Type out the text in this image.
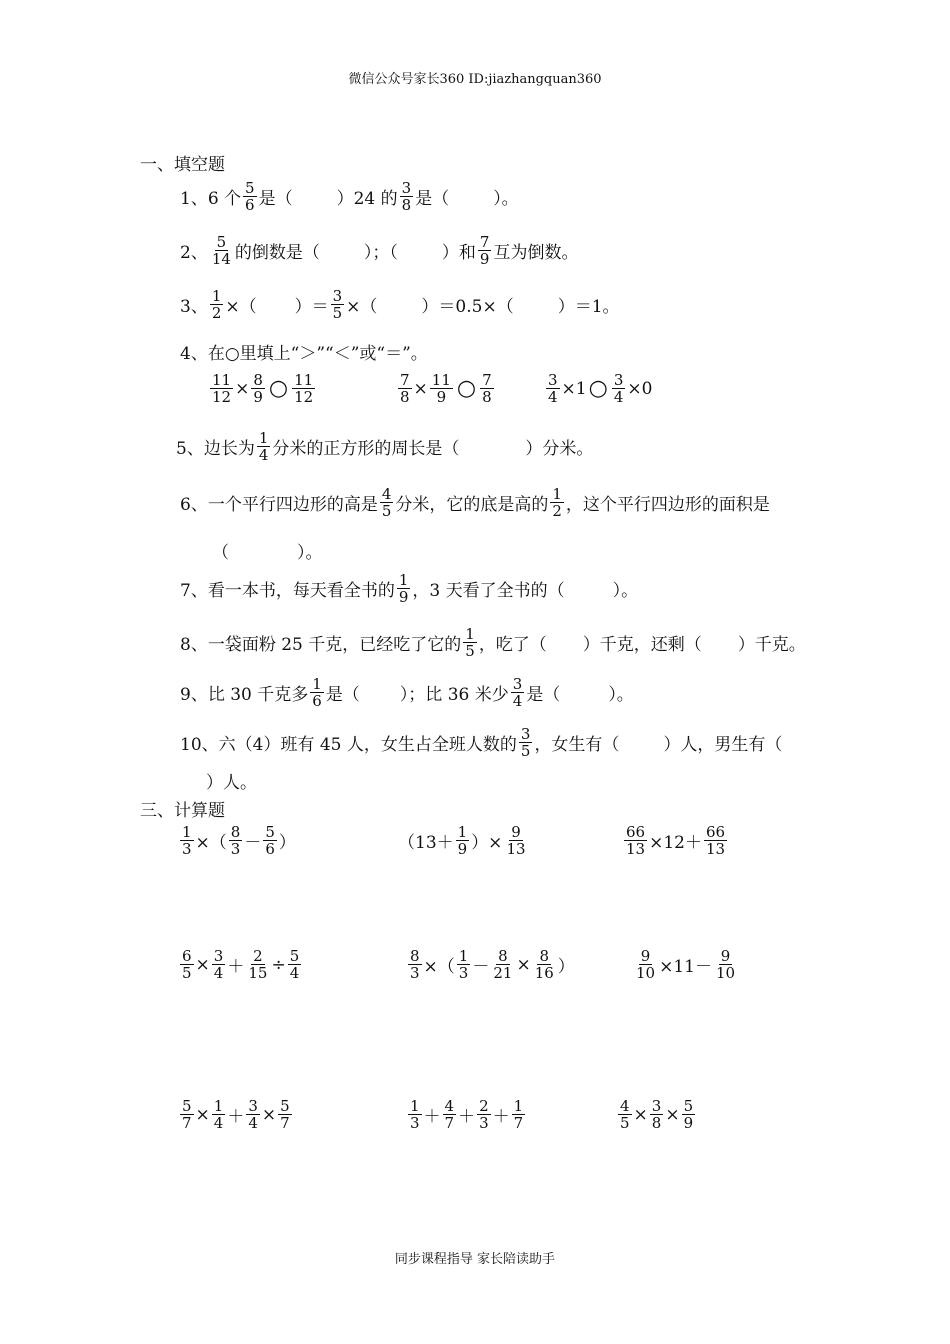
微信公众号家长360 ID:jiazhangquan360
一、填空题
1、6 个 $\frac{5}{6}$ 是（	）24 的 $\frac{3}{8}$ 是（	）。
2、 $\frac{5}{14}$ 的倒数是（	）；（	）和 $\frac{7}{9}$ 互为倒数。
3、 $\frac{1}{2}$ ×（ ）＝ $\frac{3}{5}$ ×（	）＝0.5×（	）＝1。
4、在○里填上“＞”“＜”或“＝”。
$\frac{11}{12} \times \frac{8}{9}$ ○ $\frac{11}{12}$	$\frac{7}{8} \times \frac{11}{9}$ ○ $\frac{7}{8}$	$\frac{3}{4} \times 1$ ○ $\frac{3}{4} \times 0$
5、边长为 $\frac{1}{4}$ 分米的正方形的周长是（	）分米。
6、一个平行四边形的高是 $\frac{4}{5}$ 分米，它的底是高的 $\frac{1}{2}$ ，这个平行四边形的面积是
（　　　　）。
7、看一本书，每天看全书的 $\frac{1}{9}$ ，3 天看了全书的（	）。
8、一袋面粉 25 千克，已经吃了它的 $\frac{1}{5}$ ，吃了（ ）千克，还剩（ ）千克。
9、比 30 千克多 $\frac{1}{6}$ 是（ ）；比 36 米少 $\frac{3}{4}$ 是（	）。
10、六（4）班有 45 人，女生占全班人数的 $\frac{3}{5}$ ，女生有（	）人，男生有（
）人。
三、计算题
$\frac{1}{3}$ ×（ $\frac{8}{3} - \frac{5}{6}$ ）	（$13+ \frac{1}{9}$ ）× $\frac{9}{13}$	$\frac{66}{13} \times 12+ \frac{66}{13}$
$\frac{6}{5} \times \frac{3}{4} + \frac{2}{15} \div \frac{5}{4}$	$\frac{8}{3}$ ×（ $\frac{1}{3} - \frac{8}{21} \times \frac{8}{16}$ ）	$\frac{9}{10} \times 11- \frac{9}{10}$
$\frac{5}{7} \times \frac{1}{4} + \frac{3}{4} \times \frac{5}{7}$	$\frac{1}{3} + \frac{4}{7} + \frac{2}{3} + \frac{1}{7}$	$\frac{4}{5} \times \frac{3}{8} \times \frac{5}{9}$
同步课程指导 家长陪读助手
